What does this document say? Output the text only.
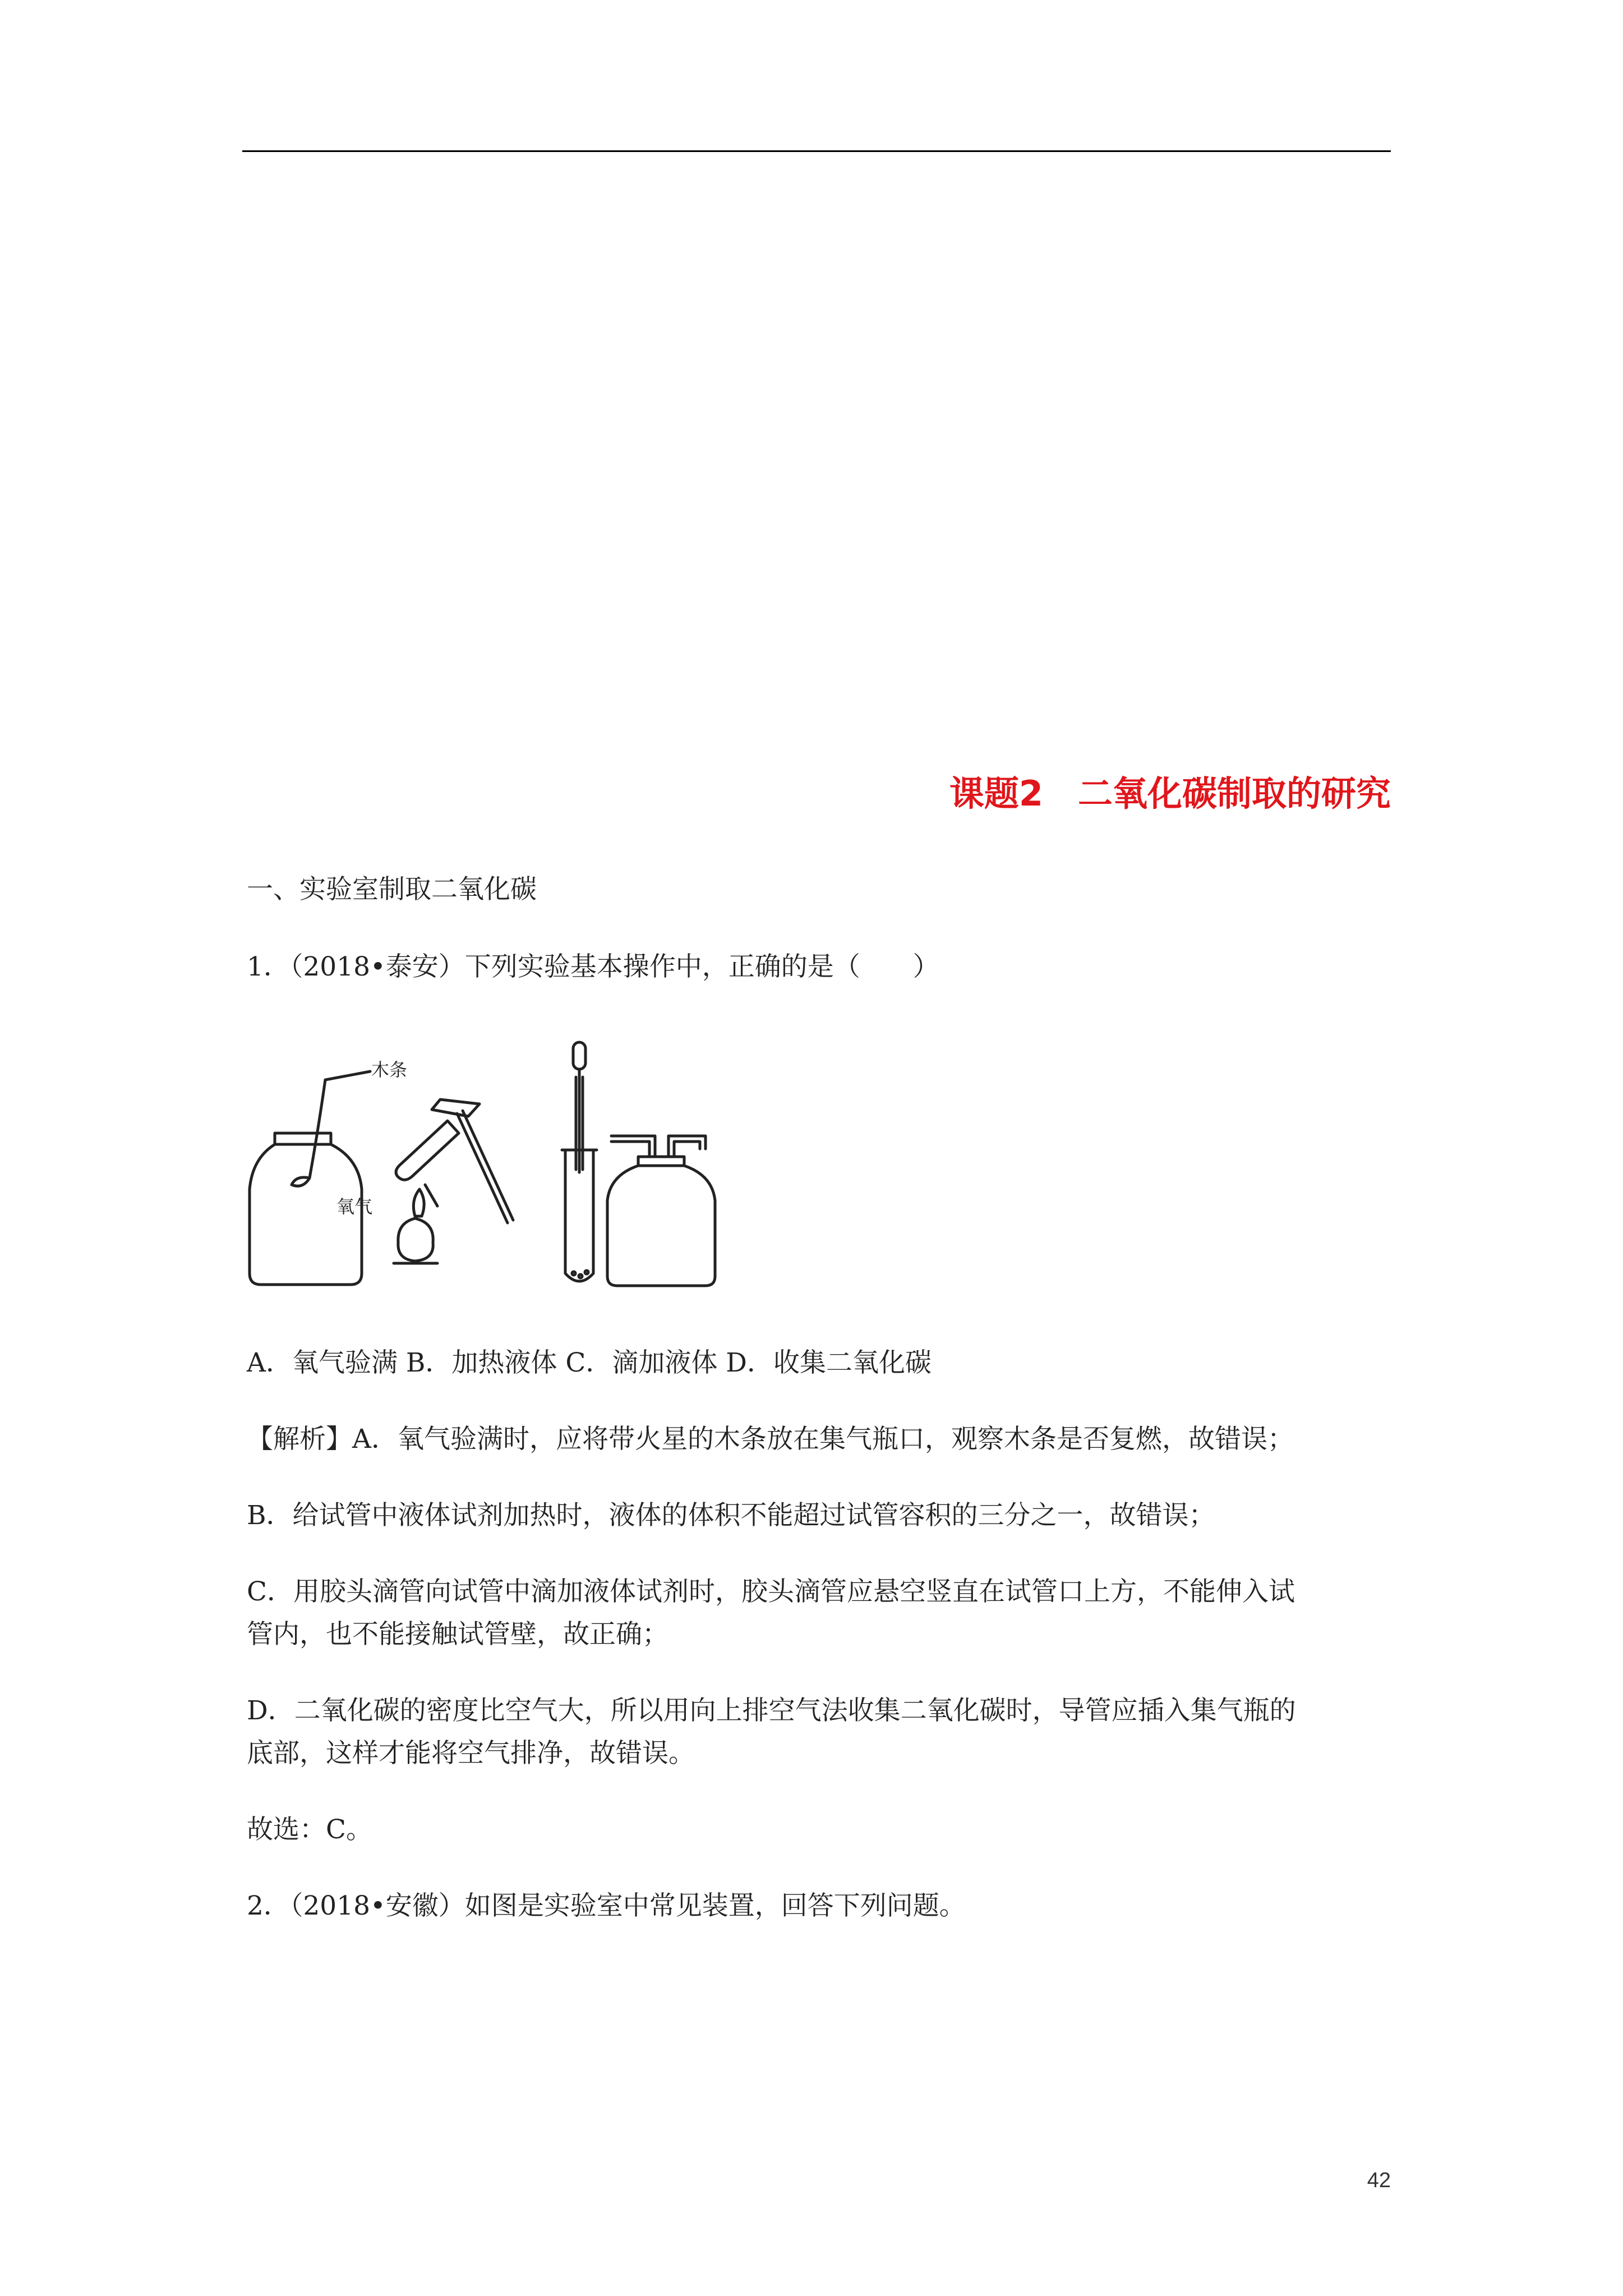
课题2　二氧化碳制取的研究
一、实验室制取二氧化碳
1．（2018•泰安）下列实验基本操作中，正确的是（　　）
木条
氧气
A．氧气验满 B．加热液体 C．滴加液体 D．收集二氧化碳
【解析】A．氧气验满时，应将带火星的木条放在集气瓶口，观察木条是否复燃，故错误；
B．给试管中液体试剂加热时，液体的体积不能超过试管容积的三分之一，故错误；
C．用胶头滴管向试管中滴加液体试剂时，胶头滴管应悬空竖直在试管口上方，不能伸入试
管内，也不能接触试管壁，故正确；
D．二氧化碳的密度比空气大，所以用向上排空气法收集二氧化碳时，导管应插入集气瓶的
底部，这样才能将空气排净，故错误。
故选：C。
2．（2018•安徽）如图是实验室中常见装置，回答下列问题。
42
